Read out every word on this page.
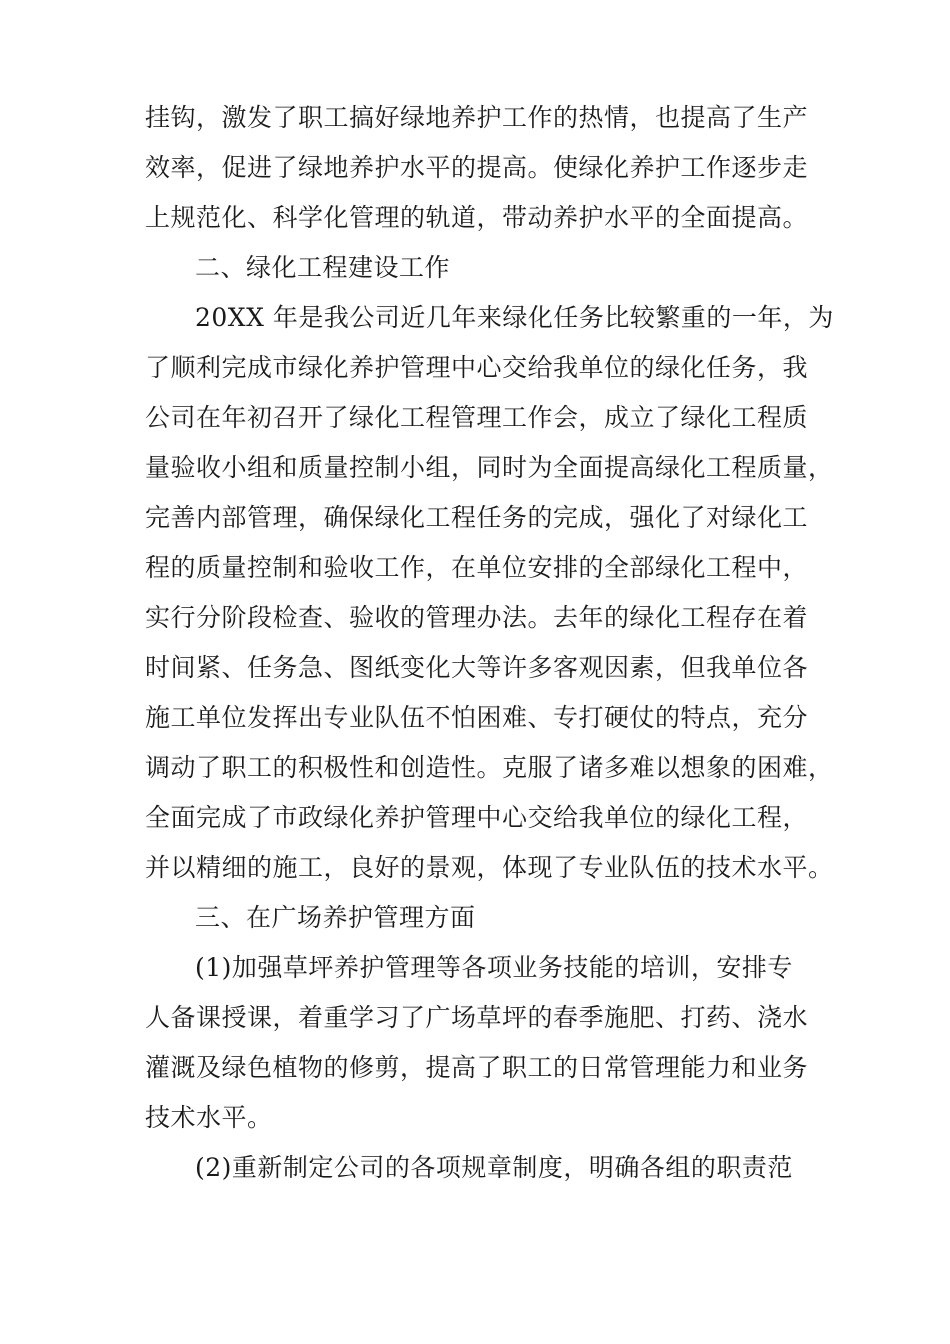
挂钩，激发了职工搞好绿地养护工作的热情，也提高了生产
效率，促进了绿地养护水平的提高。使绿化养护工作逐步走
上规范化、科学化管理的轨道，带动养护水平的全面提高。
二、绿化工程建设工作
20XX 年是我公司近几年来绿化任务比较繁重的一年，为
了顺利完成市绿化养护管理中心交给我单位的绿化任务，我
公司在年初召开了绿化工程管理工作会，成立了绿化工程质
量验收小组和质量控制小组，同时为全面提高绿化工程质量，
完善内部管理，确保绿化工程任务的完成，强化了对绿化工
程的质量控制和验收工作，在单位安排的全部绿化工程中，
实行分阶段检查、验收的管理办法。去年的绿化工程存在着
时间紧、任务急、图纸变化大等许多客观因素，但我单位各
施工单位发挥出专业队伍不怕困难、专打硬仗的特点，充分
调动了职工的积极性和创造性。克服了诸多难以想象的困难，
全面完成了市政绿化养护管理中心交给我单位的绿化工程，
并以精细的施工，良好的景观，体现了专业队伍的技术水平。
三、在广场养护管理方面
(1)加强草坪养护管理等各项业务技能的培训，安排专
人备课授课，着重学习了广场草坪的春季施肥、打药、浇水
灌溉及绿色植物的修剪，提高了职工的日常管理能力和业务
技术水平。
(2)重新制定公司的各项规章制度，明确各组的职责范
